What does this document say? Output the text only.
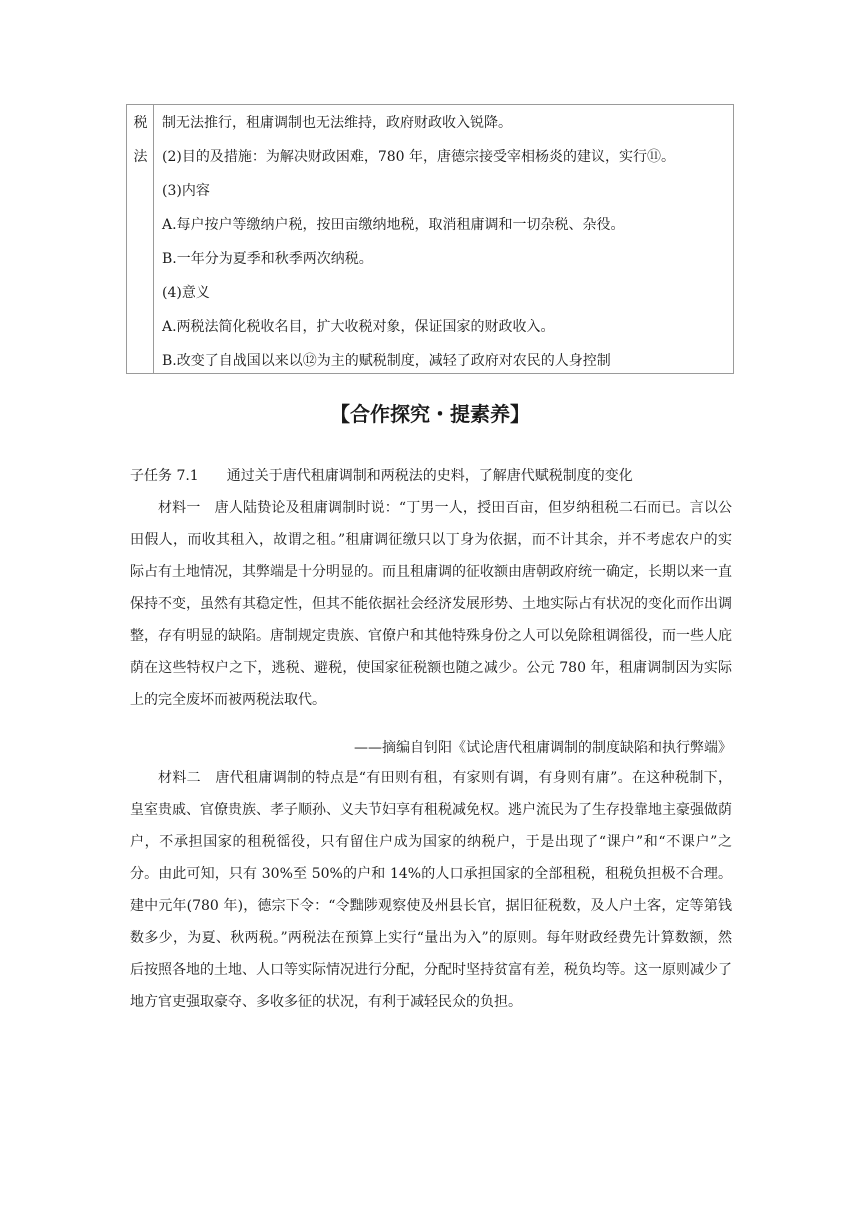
税
法
制无法推行，租庸调制也无法维持，政府财政收入锐降。
(2)目的及措施：为解决财政困难，780 年，唐德宗接受宰相杨炎的建议，实行⑪。
(3)内容
A.每户按户等缴纳户税，按田亩缴纳地税，取消租庸调和一切杂税、杂役。
B.一年分为夏季和秋季两次纳税。
(4)意义
A.两税法简化税收名目，扩大收税对象，保证国家的财政收入。
B.改变了自战国以来以⑫为主的赋税制度，减轻了政府对农民的人身控制
【合作探究・提素养】
子任务 7.1 通过关于唐代租庸调制和两税法的史料，了解唐代赋税制度的变化

材料一　唐人陆贽论及租庸调制时说：“丁男一人，授田百亩，但岁纳租税二石而已。言以公田假人，而收其租入，故谓之租。”租庸调征缴只以丁身为依据，而不计其余，并不考虑农户的实际占有土地情况，其弊端是十分明显的。而且租庸调的征收额由唐朝政府统一确定，长期以来一直保持不变，虽然有其稳定性，但其不能依据社会经济发展形势、土地实际占有状况的变化而作出调整，存有明显的缺陷。唐制规定贵族、官僚户和其他特殊身份之人可以免除租调徭役，而一些人庇荫在这些特权户之下，逃税、避税，使国家征税额也随之减少。公元 780 年，租庸调制因为实际上的完全废坏而被两税法取代。

——摘编自钊阳《试论唐代租庸调制的制度缺陷和执行弊端》

材料二　唐代租庸调制的特点是“有田则有租，有家则有调，有身则有庸”。在这种税制下，皇室贵戚、官僚贵族、孝子顺孙、义夫节妇享有租税减免权。逃户流民为了生存投靠地主豪强做荫户，不承担国家的租税徭役，只有留住户成为国家的纳税户，于是出现了“课户”和“不课户”之分。由此可知，只有 30%至 50%的户和 14%的人口承担国家的全部租税，租税负担极不合理。建中元年(780 年)，德宗下令：“令黜陟观察使及州县长官，据旧征税数，及人户土客，定等第钱数多少，为夏、秋两税。”两税法在预算上实行“量出为入”的原则。每年财政经费先计算数额，然后按照各地的土地、人口等实际情况进行分配，分配时坚持贫富有差，税负均等。这一原则减少了地方官吏强取豪夺、多收多征的状况，有利于减轻民众的负担。
